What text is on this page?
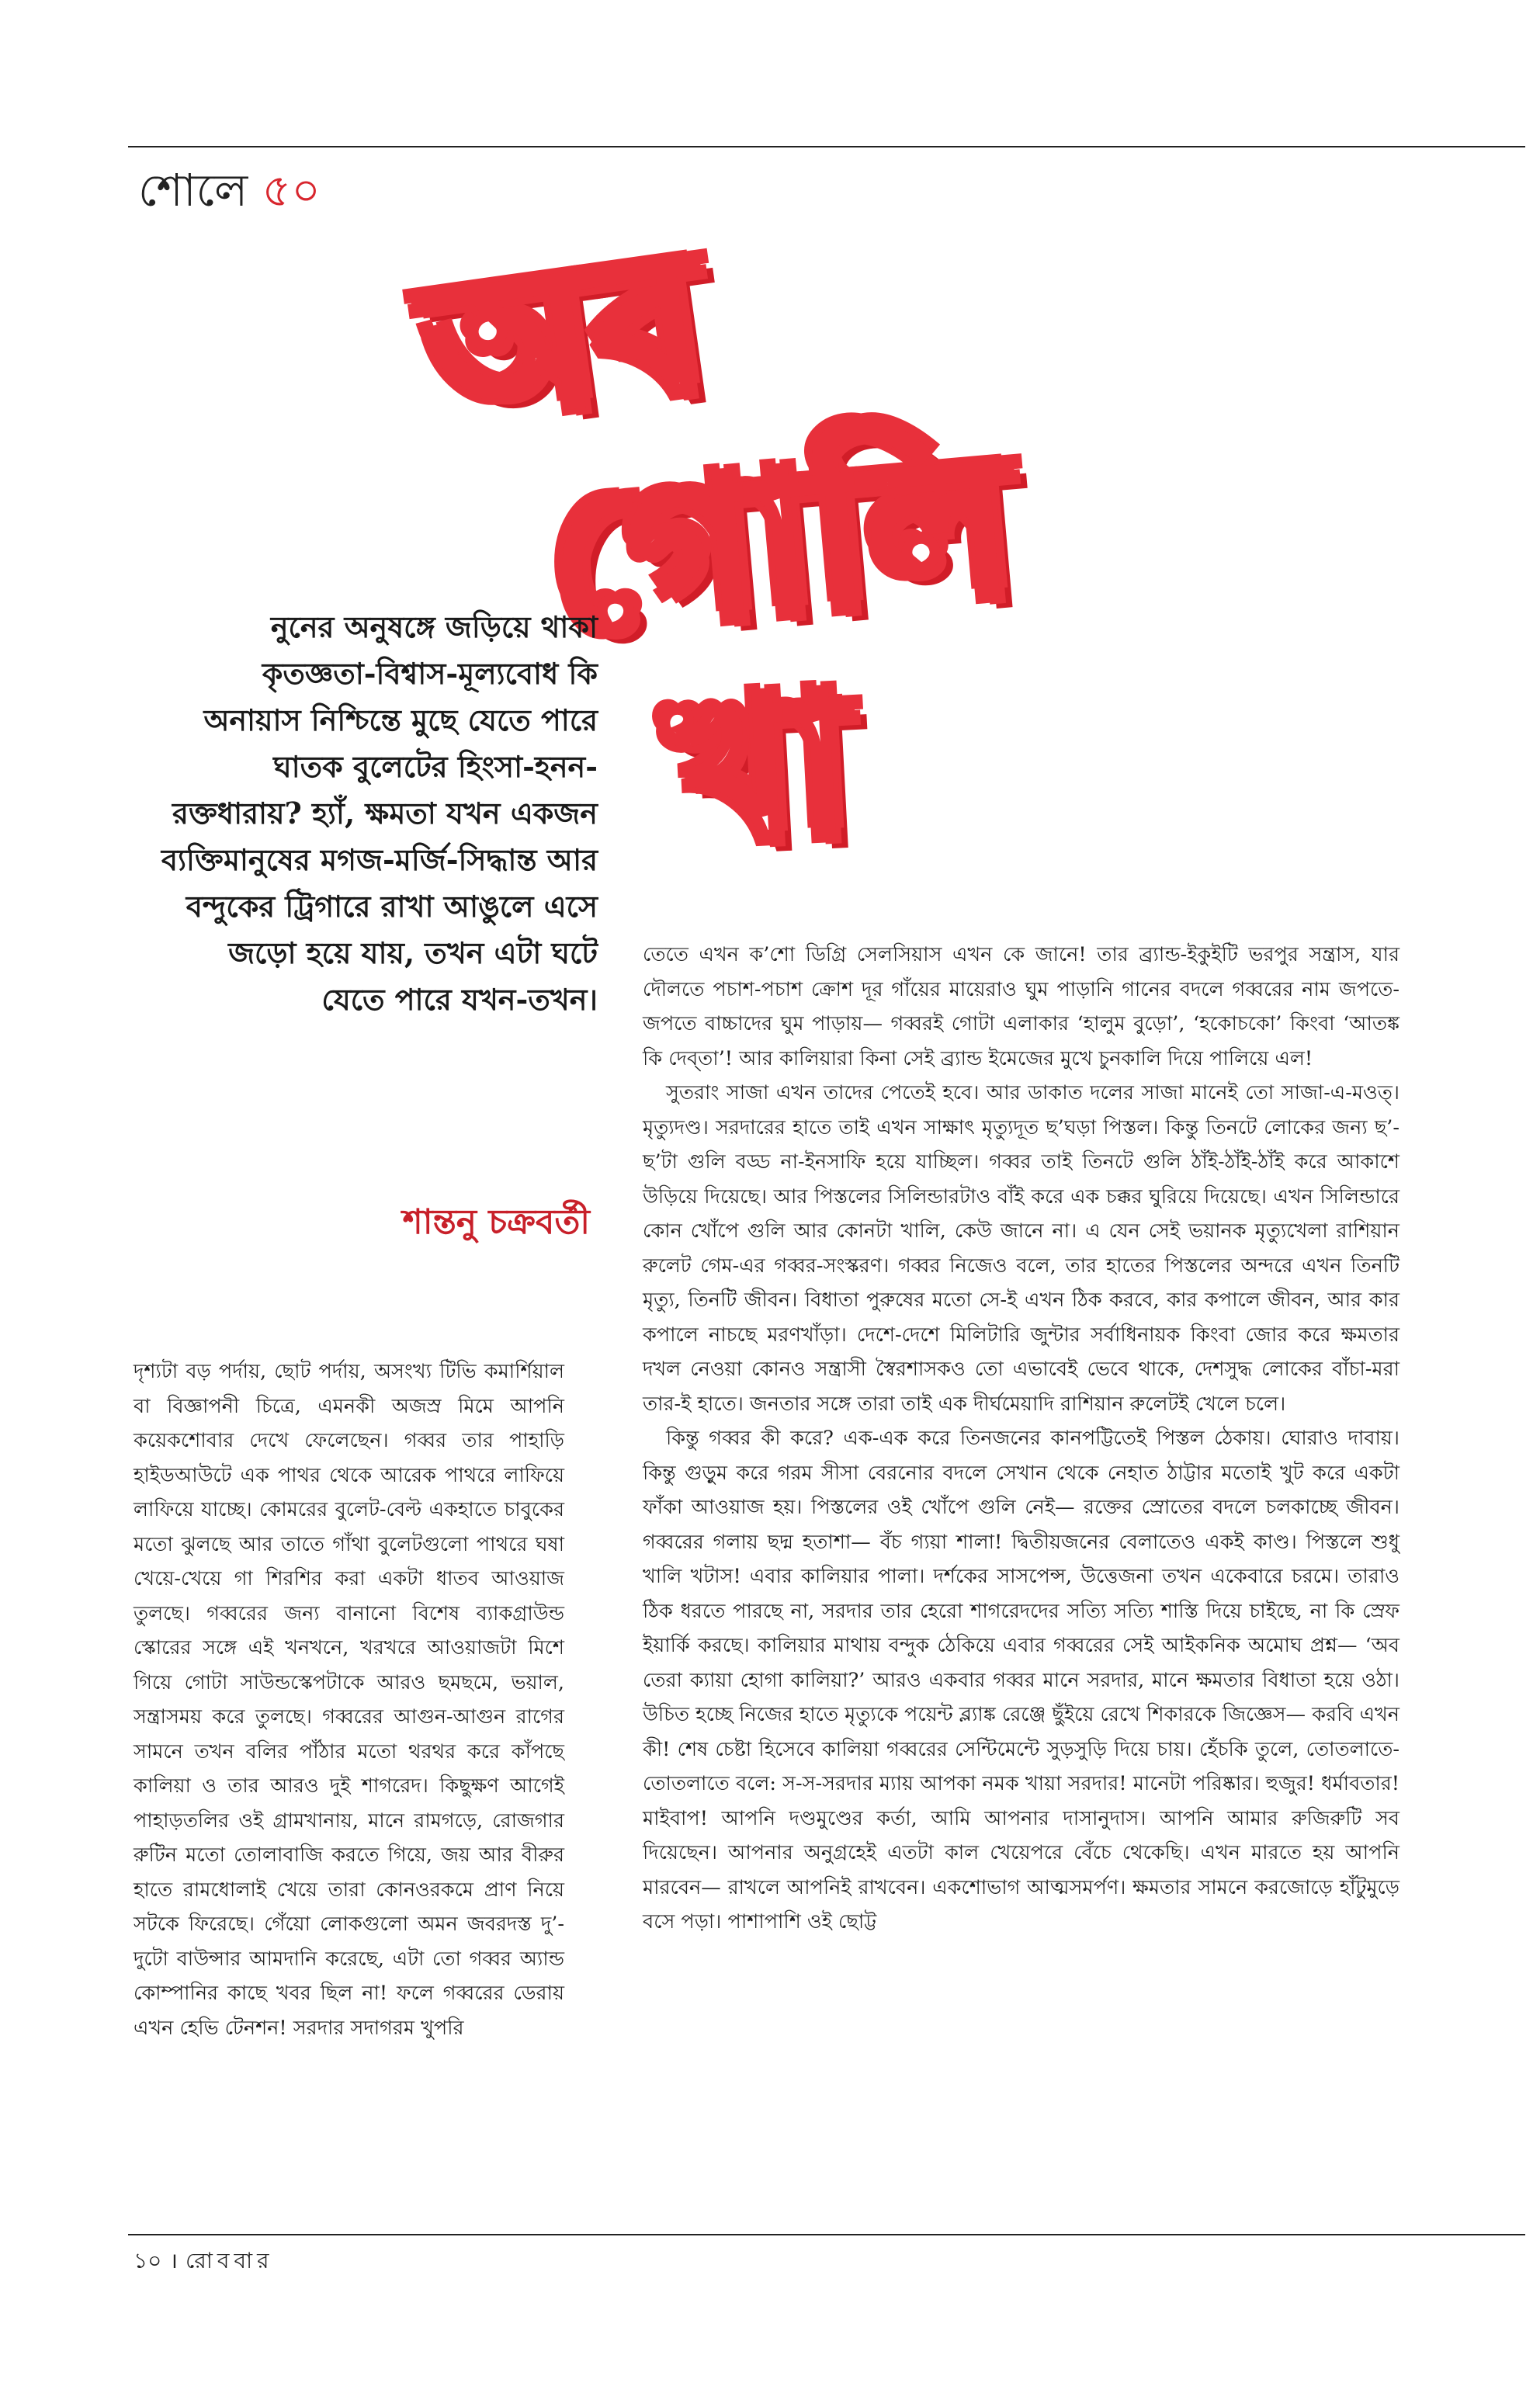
শোলে ৫০
অব
গোলি
খা
নুনের অনুষঙ্গে জড়িয়ে থাকা কৃতজ্ঞতা-বিশ্বাস-মূল্যবোধ কি অনায়াস নিশ্চিন্তে মুছে যেতে পারে ঘাতক বুলেটের হিংসা-হনন-রক্তধারায়? হ্যাঁ, ক্ষমতা যখন একজন ব্যক্তিমানুষের মগজ-মর্জি-সিদ্ধান্ত আর বন্দুকের ট্রিগারে রাখা আঙুলে এসে জড়ো হয়ে যায়, তখন এটা ঘটে যেতে পারে যখন-তখন।
শান্তনু চক্রবর্তী

দৃশ্যটা বড় পর্দায়, ছোট পর্দায়, অসংখ্য টিভি কমার্শিয়াল বা বিজ্ঞাপনী চিত্রে, এমনকী অজস্র মিমে আপনি কয়েকশোবার দেখে ফেলেছেন। গব্বর তার পাহাড়ি হাইডআউটে এক পাথর থেকে আরেক পাথরে লাফিয়ে লাফিয়ে যাচ্ছে। কোমরের বুলেট-বেল্ট একহাতে চাবুকের মতো ঝুলছে আর তাতে গাঁথা বুলেটগুলো পাথরে ঘষা খেয়ে-খেয়ে গা শিরশির করা একটা ধাতব আওয়াজ তুলছে। গব্বরের জন্য বানানো বিশেষ ব্যাকগ্রাউন্ড স্কোরের সঙ্গে এই খনখনে, খরখরে আওয়াজটা মিশে গিয়ে গোটা সাউন্ডস্কেপটাকে আরও ছমছমে, ভয়াল, সন্ত্রাসময় করে তুলছে। গব্বরের আগুন-আগুন রাগের সামনে তখন বলির পাঁঠার মতো থরথর করে কাঁপছে কালিয়া ও তার আরও দুই শাগরেদ। কিছুক্ষণ আগেই পাহাড়তলির ওই গ্রামখানায়, মানে রামগড়ে, রোজগার রুটিন মতো তোলাবাজি করতে গিয়ে, জয় আর বীরুর হাতে রামধোলাই খেয়ে তারা কোনওরকমে প্রাণ নিয়ে সটকে ফিরেছে। গেঁয়ো লোকগুলো অমন জবরদস্ত দু’-দুটো বাউন্সার আমদানি করেছে, এটা তো গব্বর অ্যান্ড কোম্পানির কাছে খবর ছিল না! ফলে গব্বরের ডেরায় এখন হেভি টেনশন! সরদার সদাগরম খুপরি

তেতে এখন ক’শো ডিগ্রি সেলসিয়াস এখন কে জানে! তার ব্র্যান্ড-ইকুইটি ভরপুর সন্ত্রাস, যার দৌলতে পচাশ-পচাশ ক্রোশ দূর গাঁয়ের মায়েরাও ঘুম পাড়ানি গানের বদলে গব্বরের নাম জপতে-জপতে বাচ্চাদের ঘুম পাড়ায়— গব্বরই গোটা এলাকার ‘হালুম বুড়ো’, ‘হকোচকো’ কিংবা ‘আতঙ্ক কি দেব্‌তা’! আর কালিয়ারা কিনা সেই ব্র্যান্ড ইমেজের মুখে চুনকালি দিয়ে পালিয়ে এল!

সুতরাং সাজা এখন তাদের পেতেই হবে। আর ডাকাত দলের সাজা মানেই তো সাজা-এ-মওত্‌। মৃত্যুদণ্ড। সরদারের হাতে তাই এখন সাক্ষাৎ মৃত্যুদূত ছ’ঘড়া পিস্তল। কিন্তু তিনটে লোকের জন্য ছ’-ছ’টা গুলি বড্ড না-ইনসাফি হয়ে যাচ্ছিল। গব্বর তাই তিনটে গুলি ঠাঁই-ঠাঁই-ঠাঁই করে আকাশে উড়িয়ে দিয়েছে। আর পিস্তলের সিলিন্ডারটাও বাঁই করে এক চক্কর ঘুরিয়ে দিয়েছে। এখন সিলিন্ডারে কোন খোঁপে গুলি আর কোনটা খালি, কেউ জানে না। এ যেন সেই ভয়ানক মৃত্যুখেলা রাশিয়ান রুলেট গেম-এর গব্বর-সংস্করণ। গব্বর নিজেও বলে, তার হাতের পিস্তলের অন্দরে এখন তিনটি মৃত্যু, তিনটি জীবন। বিধাতা পুরুষের মতো সে-ই এখন ঠিক করবে, কার কপালে জীবন, আর কার কপালে নাচছে মরণখাঁড়া। দেশে-দেশে মিলিটারি জুন্টার সর্বাধিনায়ক কিংবা জোর করে ক্ষমতার দখল নেওয়া কোনও সন্ত্রাসী স্বৈরশাসকও তো এভাবেই ভেবে থাকে, দেশসুদ্ধ লোকের বাঁচা-মরা তার-ই হাতে। জনতার সঙ্গে তারা তাই এক দীর্ঘমেয়াদি রাশিয়ান রুলেটই খেলে চলে।

কিন্তু গব্বর কী করে? এক-এক করে তিনজনের কানপট্টিতেই পিস্তল ঠেকায়। ঘোরাও দাবায়। কিন্তু গুড়ুম করে গরম সীসা বেরনোর বদলে সেখান থেকে নেহাত ঠাট্টার মতোই খুট করে একটা ফাঁকা আওয়াজ হয়। পিস্তলের ওই খোঁপে গুলি নেই— রক্তের স্রোতের বদলে চলকাচ্ছে জীবন। গব্বরের গলায় ছদ্ম হতাশা— বঁচ গ্যয়া শালা! দ্বিতীয়জনের বেলাতেও একই কাণ্ড। পিস্তলে শুধু খালি খটাস! এবার কালিয়ার পালা। দর্শকের সাসপেন্স, উত্তেজনা তখন একেবারে চরমে। তারাও ঠিক ধরতে পারছে না, সরদার তার হেরো শাগরেদদের সত্যি সত্যি শাস্তি দিয়ে চাইছে, না কি স্রেফ ইয়ার্কি করছে। কালিয়ার মাথায় বন্দুক ঠেকিয়ে এবার গব্বরের সেই আইকনিক অমোঘ প্রশ্ন— ‘অব তেরা ক্যায়া হোগা কালিয়া?’ আরও একবার গব্বর মানে সরদার, মানে ক্ষমতার বিধাতা হয়ে ওঠা। উচিত হচ্ছে নিজের হাতে মৃত্যুকে পয়েন্ট ব্ল্যাঙ্ক রেঞ্জে ছুঁইয়ে রেখে শিকারকে জিজ্ঞেস— করবি এখন কী! শেষ চেষ্টা হিসেবে কালিয়া গব্বরের সেন্টিমেন্টে সুড়সুড়ি দিয়ে চায়। হেঁচকি তুলে, তোতলাতে-তোতলাতে বলে: স-স-সরদার ম্যায় আপকা নমক খায়া সরদার! মানেটা পরিষ্কার। হুজুর! ধর্মাবতার! মাইবাপ! আপনি দণ্ডমুণ্ডের কর্তা, আমি আপনার দাসানুদাস। আপনি আমার রুজিরুটি সব দিয়েছেন। আপনার অনুগ্রহেই এতটা কাল খেয়েপরে বেঁচে থেকেছি। এখন মারতে হয় আপনি মারবেন— রাখলে আপনিই রাখবেন। একশোভাগ আত্মসমর্পণ। ক্ষমতার সামনে করজোড়ে হাঁটুমুড়ে বসে পড়া। পাশাপাশি ওই ছোট্ট

১০ । রোববার
